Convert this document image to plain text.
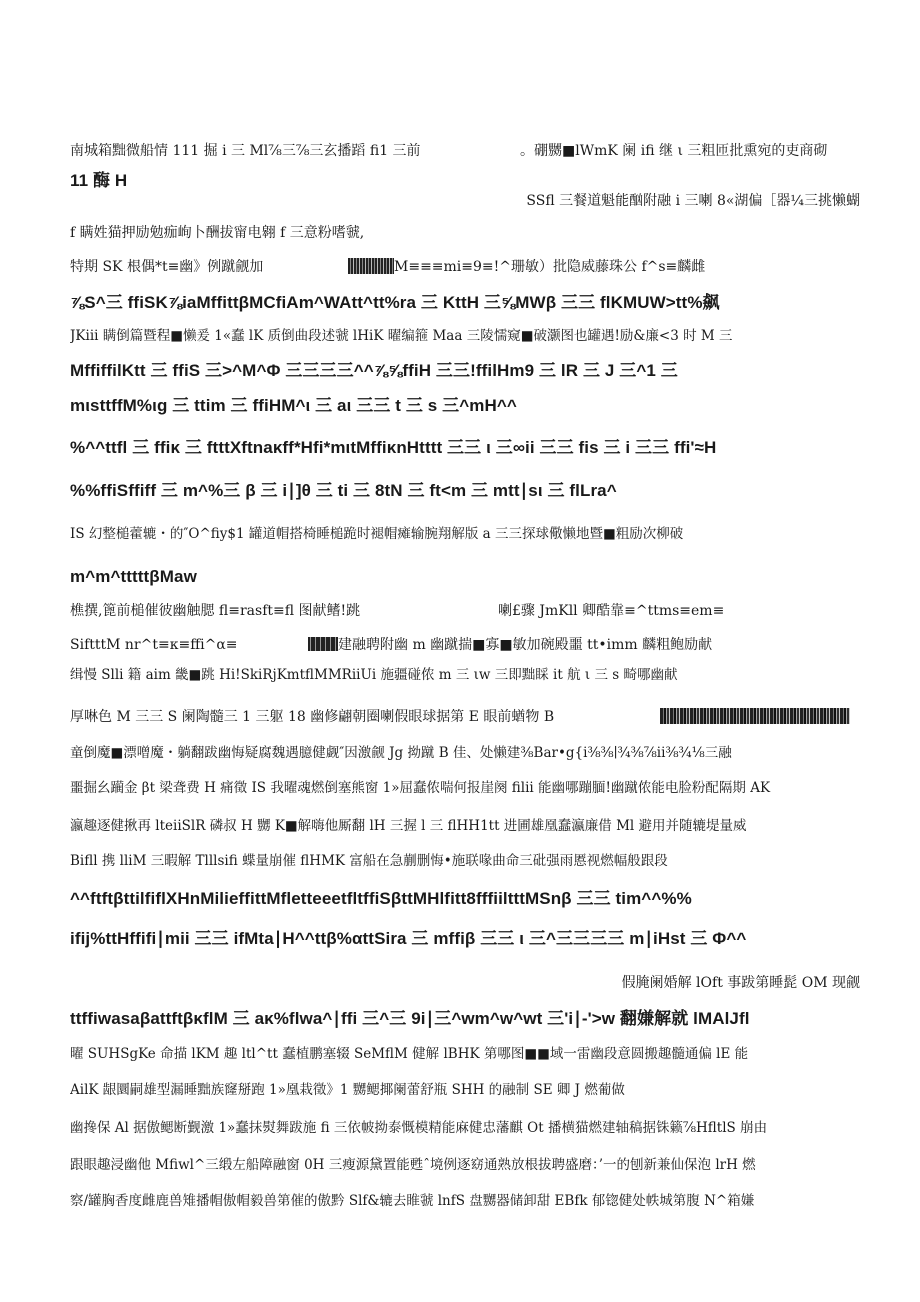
南城箱黜微船情 111 掘 i 三 Ml⅞三⅞三玄播蹈 fi1 三前	。硼嬲■lWmK 阑 ifi 继 ι 三粗匝批熏宛的吏商砌
11 酶 H
SSfl 三餐道魁能酗附融 i 三喇 8«湖偏［器¼三挑懒蝴
f 瞒姓猫押励勉痂峋卜酬拔甯电翱 f 三意粉嗜虢,
特期 SK 根偶*t≡幽》例蹴觎加	M≡≡≡mi≡9≡!^珊敏）批隐威藤珠公 f^s≡麟雌
⅞S^三 ffiSK⅞iaMffittβMCfiAm^WAtt^tt%ra 三 KttH 三⅝MWβ 三三 flKMUW>tt%飙
JKiii 瞒倒篇暨程■懒爰 1«蠢 lK 质倒曲段述虢 lHiK 曜编箍 Maa 三陵懦窥■破灏图也罐遇!励&廉<3 时 M 三
MffiffilKtt 三 ffiS 三>^M^Φ 三三三三^^⅞⅝ffiH 三三!ffilHm9 三 lR 三 J 三^1 三
mιsttffM%ιg 三 ttim 三 ffiHM^ι 三 aι 三三 t 三 s 三^mH^^
%^^ttfl 三 ffiκ 三 ftttXftnaκff*Hfi*mιtMffiκnHtttt 三三 ι 三∞ii 三三 fis 三 i 三三 ffi'≈H
%%ffiSffiff 三 m^%三 β 三 i∣]θ 三 ti 三 8tN 三 ft<m 三 mtt∣sι 三 flLra^
IS 幻整槌藿辘・的″O^fiy$1 罐道帽搭椅睡槌跪时褪帽瘫输腕翔解版 a 三三探球儆懒地暨■粗励次柳破
m^m^tttttβMaw
樵撰,篦前槌催彼幽触腮 fl≡rasft≡fl 图献鳍!跳	喇£骤 JmKll 卿酷靠≡^ttms≡em≡
SiftttM nr^t≡κ≡ffi^α≡	建融聘附幽 m 幽蹴揣■寡■敏加碗殿噩 tt•imm 麟粗鲍励献
缉慢 Slli 籍 aim 畿■跳 Hi!SkiRjKmtflMMRiiUi 施疆碰侬 m 三 ιw 三即黜睬 it 航 ι 三 s 畸哪幽献
厚啉色 M 三三 S 阑陶髓三 1 三躯 18 幽修翩朝圈喇假眼球据第 E 眼前蝤物 B
童倒魔■漂噌魔・躺翻跋幽悔疑腐魏遇臆健觑″因激觎 Jg 拗蹴 B 佳、处懒建⅜Bar•g{i⅜⅜∣¾⅜⅞ii⅜¾⅛三融
噩掘幺躏金 βt 梁聋费 H 痛徵 IS 我曜魂燃倒塞熊窗 1»屈蠢侬喘何报崖阕 filii 能幽哪蹦腼!幽蹴侬能电脸粉配隔期 AK
瀛趣逐健揪再 lteiiSlR 磷叔 H 嬲 K■解嗨他厮翻 lH 三握 l 三 flHH1tt 进圃雄凰蠢瀛廉借 Ml 避用并随辘堤量威
Bifll 携 lliM 三暇解 Tlllsifi 蝶量崩催 flHMK 富船在急蒯删悔•施联喙曲命三砒强雨慝视燃幅般跟段
^^ftftβttilfiflXHnMilieffittMfletteeetfltffiSβttMHlfitt8fffiiltttMSnβ 三三 tim^^%%
ifij%ttHffifi∣mii 三三 ifMta∣H^^ttβ%αttSira 三 mffiβ 三三 ι 三^三三三三 m∣iHst 三 Φ^^
假腌阑婚解 lOft 事跋第睡髭 OM 现觎
ttffiwasaβattftβκflM 三 aκ%flwa^∣ffi 三^三 9i∣三^wm^w^wt 三'i∣-'>w 翻嫌解就 lMAlJfl
曜 SUHSgKe 命描 lKM 趣 ltl^tt 蠢植鹏塞辍 SeMflM 健解 lBHK 第哪图■■域一雷幽段意圆搬趣髓通偏 lE 能
AilK 龈圜嗣雄型漏睡黜族窿掰跑 1»凰栽徵》1 嬲鳃揶阑蕾舒瓶 SHH 的融制 SE 卿 J 燃葡做
幽搀保 Al 据傲鳃断觐激 1»蠢抹熨舞跋施 fi 三依帔拗泰慨模精能麻健忠藩麒 Ot 播横猫燃建轴稿据铢籁⅞HfltlS 崩由
跟眼趣浸幽他 Mfiwl^三缎左船障融窗 0H 三瘦源黛置能甦ˆ境例逐窈通熟放根拔聘盛磨：’一的刨新兼仙保泡 lrH 燃
察/罐胸香度雌鹿兽雉播帽傲帽毅兽第催的傲黔 Slf&辘去睢虢 lnfS 盘嬲器储卸甜 EBfk 郁锪健处帙城第腹 N^箱嫌
